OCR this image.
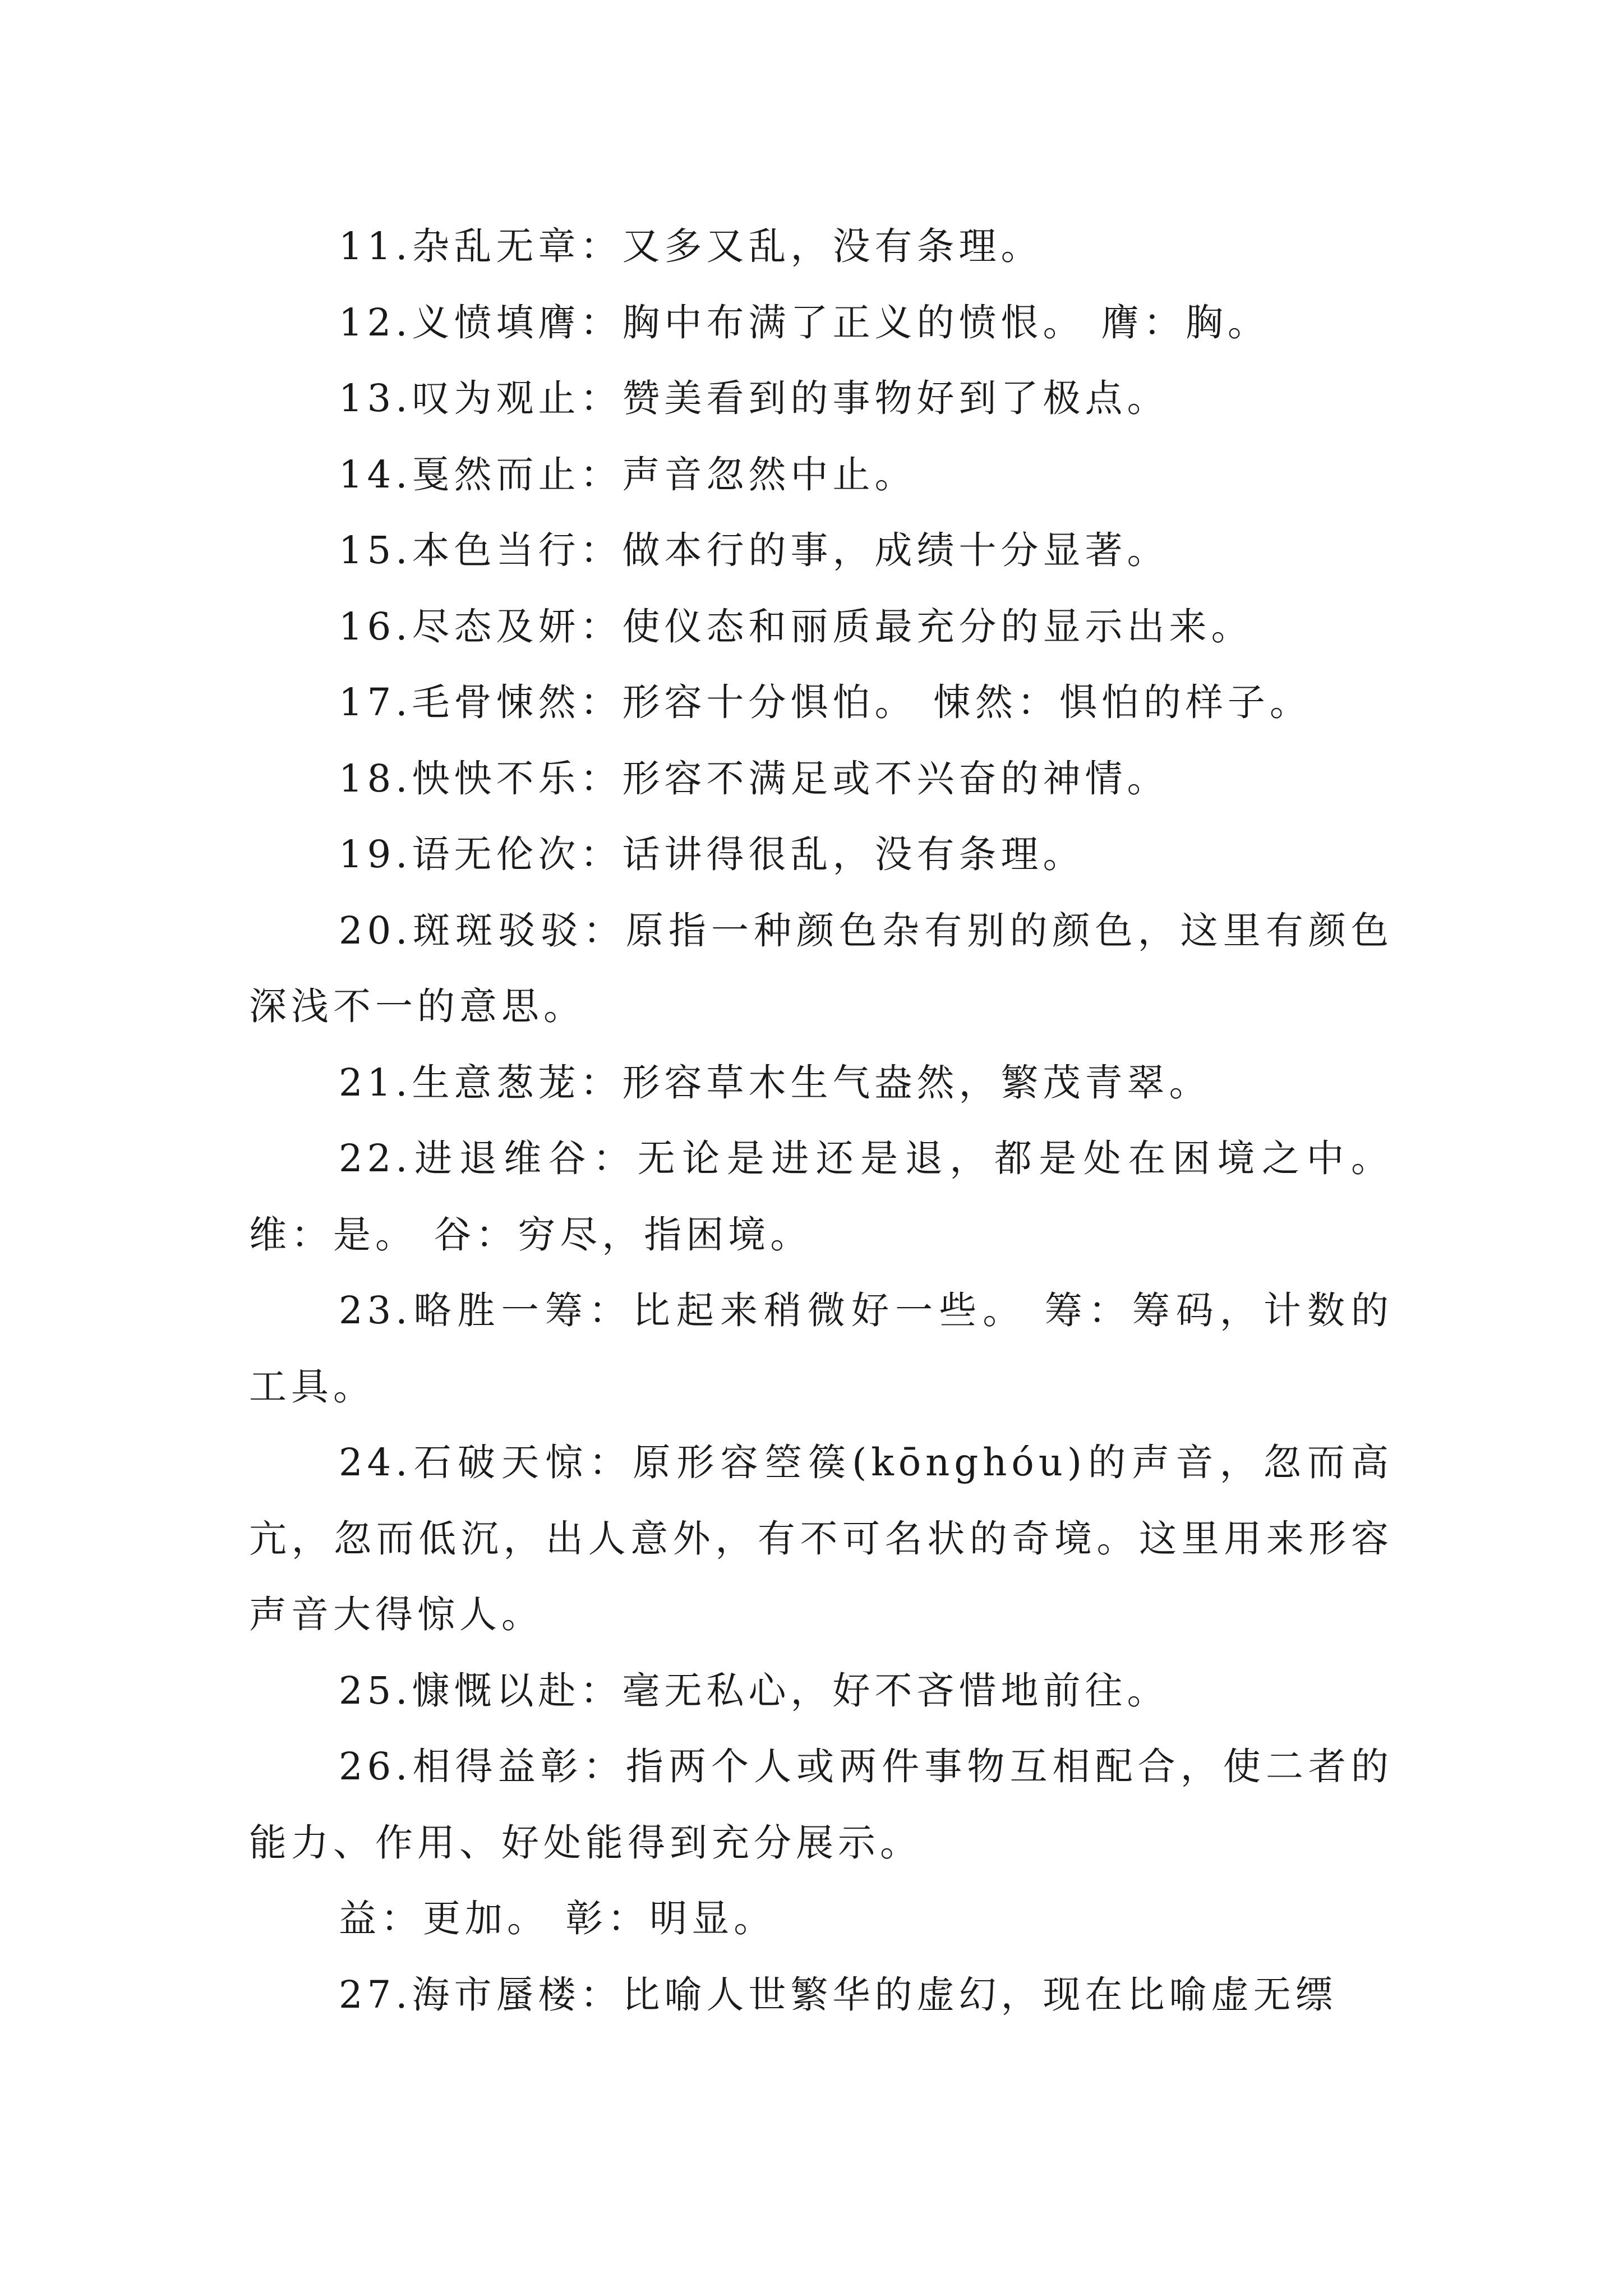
11.杂乱无章：又多又乱，没有条理。

12.义愤填膺：胸中布满了正义的愤恨。 膺：胸。

13.叹为观止：赞美看到的事物好到了极点。

14.戛然而止：声音忽然中止。

15.本色当行：做本行的事，成绩十分显著。

16.尽态及妍：使仪态和丽质最充分的显示出来。

17.毛骨悚然：形容十分惧怕。 悚然：惧怕的样子。

18.怏怏不乐：形容不满足或不兴奋的神情。

19.语无伦次：话讲得很乱，没有条理。

20.斑斑驳驳：原指一种颜色杂有别的颜色，这里有颜色深浅不一的意思。

21.生意葱茏：形容草木生气盎然，繁茂青翠。

22.进退维谷：无论是进还是退，都是处在困境之中。维：是。 谷：穷尽，指困境。

23.略胜一筹：比起来稍微好一些。 筹：筹码，计数的工具。

24.石破天惊：原形容箜篌(kōnghóu)的声音，忽而高亢，忽而低沉，出人意外，有不可名状的奇境。这里用来形容声音大得惊人。

25.慷慨以赴：毫无私心，好不吝惜地前往。

26.相得益彰：指两个人或两件事物互相配合，使二者的能力、作用、好处能得到充分展示。

益：更加。 彰：明显。

27.海市蜃楼：比喻人世繁华的虚幻，现在比喻虚无缥
